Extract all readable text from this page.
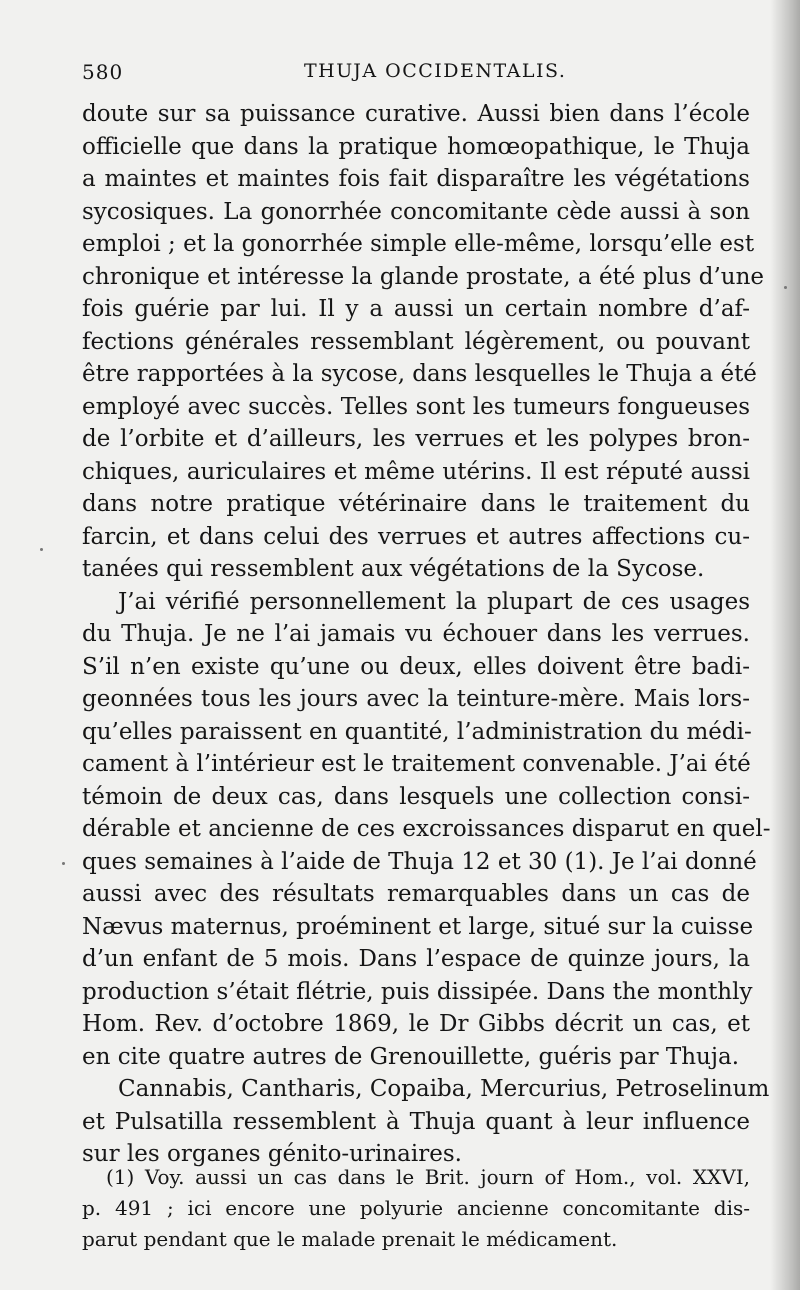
580	THUJA OCCIDENTALIS.
doute sur sa puissance curative. Aussi bien dans l’école
officielle que dans la pratique homœopathique, le Thuja
a maintes et maintes fois fait disparaître les végétations
sycosiques. La gonorrhée concomitante cède aussi à son
emploi ; et la gonorrhée simple elle-même, lorsqu’elle est
chronique et intéresse la glande prostate, a été plus d’une
fois guérie par lui. Il y a aussi un certain nombre d’af-
fections générales ressemblant légèrement, ou pouvant
être rapportées à la sycose, dans lesquelles le Thuja a été
employé avec succès. Telles sont les tumeurs fongueuses
de l’orbite et d’ailleurs, les verrues et les polypes bron-
chiques, auriculaires et même utérins. Il est réputé aussi
dans notre pratique vétérinaire dans le traitement du
farcin, et dans celui des verrues et autres affections cu-
tanées qui ressemblent aux végétations de la Sycose.
J’ai vérifié personnellement la plupart de ces usages
du Thuja. Je ne l’ai jamais vu échouer dans les verrues.
S’il n’en existe qu’une ou deux, elles doivent être badi-
geonnées tous les jours avec la teinture-mère. Mais lors-
qu’elles paraissent en quantité, l’administration du médi-
cament à l’intérieur est le traitement convenable. J’ai été
témoin de deux cas, dans lesquels une collection consi-
dérable et ancienne de ces excroissances disparut en quel-
ques semaines à l’aide de Thuja 12 et 30 (1). Je l’ai donné
aussi avec des résultats remarquables dans un cas de
Nævus maternus, proéminent et large, situé sur la cuisse
d’un enfant de 5 mois. Dans l’espace de quinze jours, la
production s’était flétrie, puis dissipée. Dans the monthly
Hom. Rev. d’octobre 1869, le Dr Gibbs décrit un cas, et
en cite quatre autres de Grenouillette, guéris par Thuja.
Cannabis, Cantharis, Copaiba, Mercurius, Petroselinum
et Pulsatilla ressemblent à Thuja quant à leur influence
sur les organes génito-urinaires.
(1) Voy. aussi un cas dans le Brit. journ of Hom., vol. XXVI,
p. 491 ; ici encore une polyurie ancienne concomitante dis-
parut pendant que le malade prenait le médicament.
